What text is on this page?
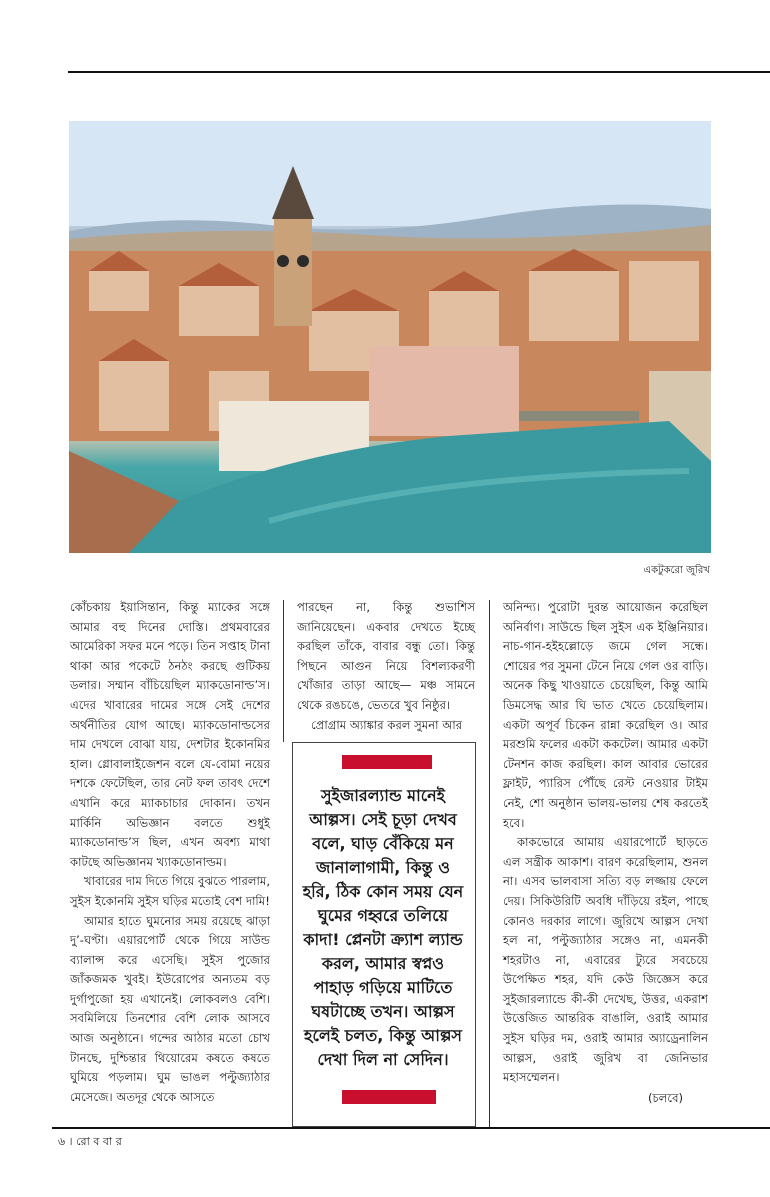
একটুকরো জুরিখ

কোঁচকায় ইয়াসিন্তান, কিন্তু ম্যাকের সঙ্গে আমার বহু দিনের দোস্তি। প্রথমবারের আমেরিকা সফর মনে পড়ে। তিন সপ্তাহ টানা থাকা আর পকেটে ঠনঠং করছে গুটিকয় ডলার। সম্মান বাঁচিয়েছিল ম্যাকডোনাল্ড’স। এদের খাবারের দামের সঙ্গে সেই দেশের অর্থনীতির যোগ আছে। ম্যাকডোনাল্ডসের দাম দেখলে বোঝা যায়, দেশটার ইকোনমির হাল। গ্লোবালাইজেশন বলে যে-বোমা নয়ের দশকে ফেটেছিল, তার নেট ফল তাবৎ দেশে এখানি করে ম্যাকচাচার দোকান। তখন মার্কিনি অভিজ্ঞান বলতে শুধুই ম্যাকডোনাল্ড’স ছিল, এখন অবশ্য মাথা কাটছে অভিজ্ঞানম খ্যাকডোনাল্ডম।

খাবারের দাম দিতে গিয়ে বুঝতে পারলাম, সুইস ইকোনমি সুইস ঘড়ির মতোই বেশ দামি!

আমার হাতে ঘুমনোর সময় রয়েছে ঝাড়া দু’-ঘণ্টা। এয়ারপোর্ট থেকে গিয়ে সাউন্ড ব্যালান্স করে এসেছি। সুইস পুজোর জাঁকজমক খুবই। ইউরোপের অন্যতম বড় দুর্গাপুজো হয় এখানেই। লোকবলও বেশি। সবমিলিয়ে তিনশোর বেশি লোক আসবে আজ অনুষ্ঠানে। গন্দের আঠার মতো চোখ টানছে, দুশ্চিন্তার থিয়োরেম কষতে কষতে ঘুমিয়ে পড়লাম। ঘুম ভাঙল পল্টুজ্যাঠার মেসেজে। অতদূর থেকে আসতে

পারছেন না, কিন্তু শুভাশিস জানিয়েছেন। একবার দেখতে ইচ্ছে করছিল তাঁকে, বাবার বন্ধু তো। কিন্তু পিছনে আগুন নিয়ে বিশল্যকরণী খোঁজার তাড়া আছে— মঞ্চ সামনে থেকে রঙচঙে, ভেতরে খুব নিষ্ঠুর।

প্রোগ্রাম অ্যাঙ্কার করল সুমনা আর

সুইজারল্যান্ড মানেই আল্পস। সেই চূড়া দেখব বলে, ঘাড় বেঁকিয়ে মন জানালাগামী, কিন্তু ও হরি, ঠিক কোন সময় যেন ঘুমের গহ্বরে তলিয়ে কাদা! প্লেনটা ক্র্যাশ ল্যান্ড করল, আমার স্বপ্নও পাহাড় গড়িয়ে মাটিতে ঘষটাচ্ছে তখন। আল্পস হলেই চলত, কিন্তু আল্পস দেখা দিল না সেদিন।

অনিন্দ্য। পুরোটা দুরন্ত আয়োজন করেছিল অনির্বাণ। সাউন্ডে ছিল সুইস এক ইঞ্জিনিয়ার। নাচ-গান-হইহল্লোড়ে জমে গেল সন্ধে। শোয়ের পর সুমনা টেনে নিয়ে গেল ওর বাড়ি। অনেক কিছু খাওয়াতে চেয়েছিল, কিন্তু আমি ডিমসেদ্ধ আর ঘি ভাত খেতে চেয়েছিলাম। একটা অপূর্ব চিকেন রান্না করেছিল ও। আর মরশুমি ফলের একটা ককটেল। আমার একটা টেনশন কাজ করছিল। কাল আবার ভোরের ফ্লাইট, প্যারিস পৌঁছে রেস্ট নেওয়ার টাইম নেই, শো অনুষ্ঠান ভালয়-ভালয় শেষ করতেই হবে।

কাকভোরে আমায় এয়ারপোর্টে ছাড়তে এল সন্ত্রীক আকাশ। বারণ করেছিলাম, শুনল না। এসব ভালবাসা সত্যি বড় লজ্জায় ফেলে দেয়। সিকিউরিটি অবধি দাঁড়িয়ে রইল, পাছে কোনও দরকার লাগে। জুরিখে আল্পস দেখা হল না, পল্টুজ্যাঠার সঙ্গেও না, এমনকী শহরটাও না, এবারের ট্যুরে সবচেয়ে উপেক্ষিত শহর, যদি কেউ জিজ্ঞেস করে সুইজারল্যান্ডে কী-কী দেখেছ, উত্তর, একরাশ উত্তেজিত আন্তরিক বাঙালি, ওরাই আমার সুইস ঘড়ির দম, ওরাই আমার অ্যাড্রেনালিন আল্পস, ওরাই জুরিখ বা জেনিভার মহাসম্মেলন।

(চলবে)
৬ । রো ব বা র
